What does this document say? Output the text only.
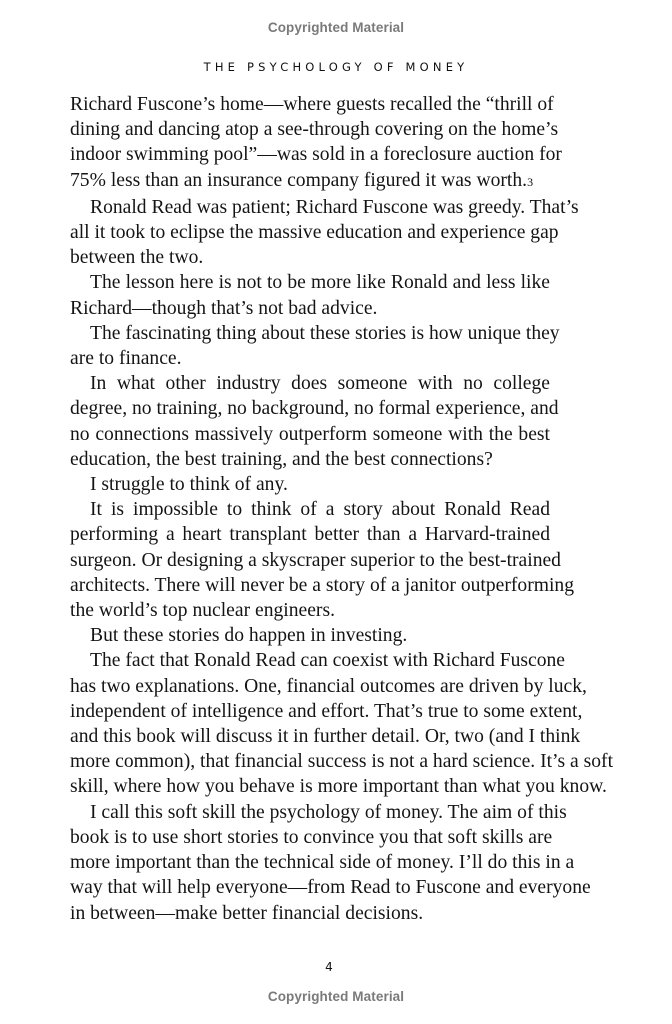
Copyrighted Material
THE PSYCHOLOGY OF MONEY
Richard Fuscone’s home—where guests recalled the “thrill of
dining and dancing atop a see-through covering on the home’s
indoor swimming pool”—was sold in a foreclosure auction for
75% less than an insurance company figured it was worth.3
Ronald Read was patient; Richard Fuscone was greedy. That’s
all it took to eclipse the massive education and experience gap
between the two.
The lesson here is not to be more like Ronald and less like
Richard—though that’s not bad advice.
The fascinating thing about these stories is how unique they
are to finance.
In what other industry does someone with no college
degree, no training, no background, no formal experience, and
no connections massively outperform someone with the best
education, the best training, and the best connections?
I struggle to think of any.
It is impossible to think of a story about Ronald Read
performing a heart transplant better than a Harvard-trained
surgeon. Or designing a skyscraper superior to the best-trained
architects. There will never be a story of a janitor outperforming
the world’s top nuclear engineers.
But these stories do happen in investing.
The fact that Ronald Read can coexist with Richard Fuscone
has two explanations. One, financial outcomes are driven by luck,
independent of intelligence and effort. That’s true to some extent,
and this book will discuss it in further detail. Or, two (and I think
more common), that financial success is not a hard science. It’s a soft
skill, where how you behave is more important than what you know.
I call this soft skill the psychology of money. The aim of this
book is to use short stories to convince you that soft skills are
more important than the technical side of money. I’ll do this in a
way that will help everyone—from Read to Fuscone and everyone
in between—make better financial decisions.
4
Copyrighted Material
